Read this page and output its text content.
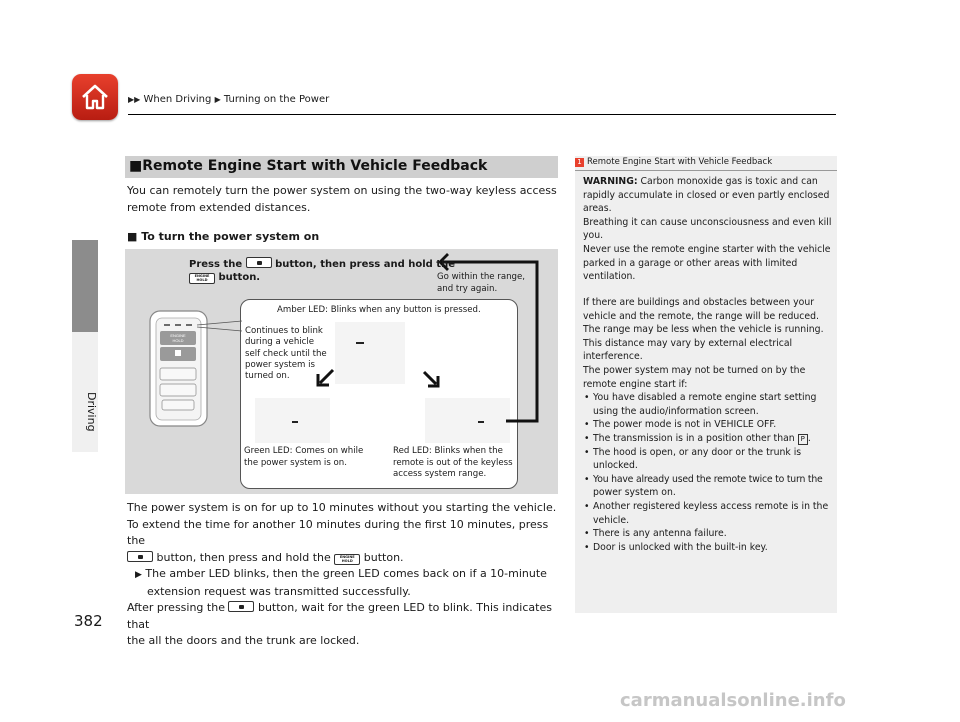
▶▶ When Driving ▶ Turning on the Power
Driving
382
■Remote Engine Start with Vehicle Feedback
You can remotely turn the power system on using the two-way keyless access
remote from extended distances.
■ To turn the power system on
ENGINE
HOLD
Press the	button, then press and hold the
ENGINE
HOLD button.	Go within the range,
and try again.
Amber LED: Blinks when any button is pressed.
Continues to blink
during a vehicle
self check until the
power system is
turned on.
Green LED: Comes on while
the power system is on.
Red LED: Blinks when the
remote is out of the keyless
access system range.
The power system is on for up to 10 minutes without you starting the vehicle.
To extend the time for another 10 minutes during the first 10 minutes, press the
button, then press and hold the	ENGINE
HOLD button.
▶ The amber LED blinks, then the green LED comes back on if a 10-minute
extension request was transmitted successfully.
After pressing the	button, wait for the green LED to blink. This indicates that
the all the doors and the trunk are locked.
1 Remote Engine Start with Vehicle Feedback
WARNING: Carbon monoxide gas is toxic and can
rapidly accumulate in closed or even partly enclosed
areas.
Breathing it can cause unconsciousness and even kill
you.
Never use the remote engine starter with the vehicle
parked in a garage or other areas with limited
ventilation.
If there are buildings and obstacles between your
vehicle and the remote, the range will be reduced.
The range may be less when the vehicle is running.
This distance may vary by external electrical
interference.
The power system may not be turned on by the
remote engine start if:
• You have disabled a remote engine start setting
using the audio/information screen.
• The power mode is not in VEHICLE OFF.
• The transmission is in a position other than P .
• The hood is open, or any door or the trunk is
unlocked.
• You have already used the remote twice to turn the
power system on.
• Another registered keyless access remote is in the
vehicle.
• There is any antenna failure.
• Door is unlocked with the built-in key.
carmanualsonline.info
